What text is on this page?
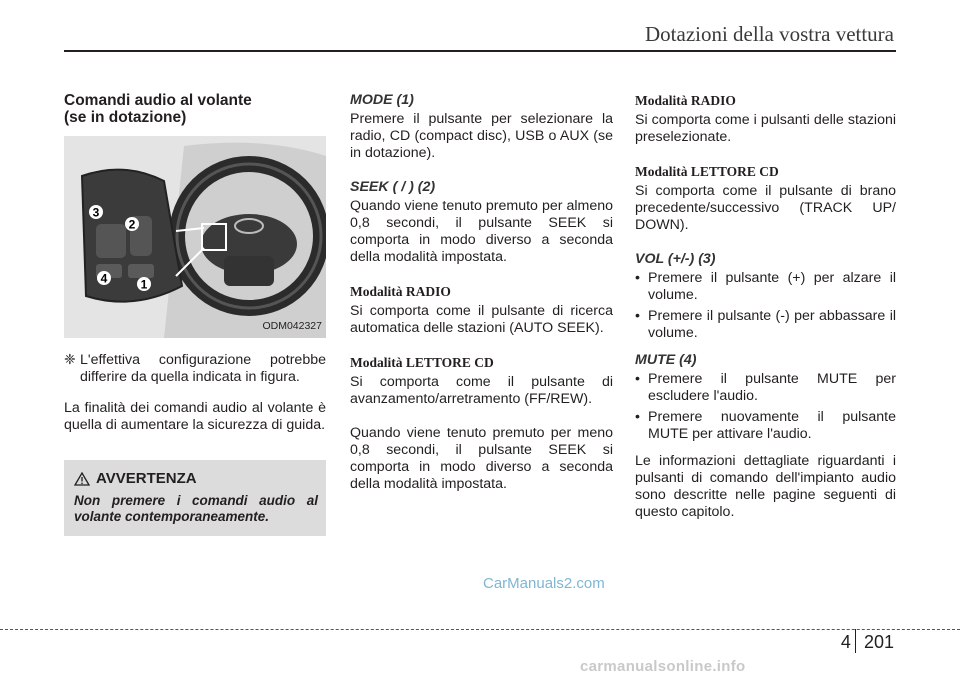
Dotazioni della vostra vettura
Comandi audio al volante
(se in dotazione)
3
2
4	1
ODM042327
❈ L'effettiva configurazione potrebbe differire da quella indicata in figura.

La finalità dei comandi audio al volante è quella di aumentare la sicurezza di guida.

AVVERTENZA
Non premere i comandi audio al volante contemporaneamente.

MODE (1)

Premere il pulsante per selezionare la radio, CD (compact disc), USB o AUX (se in dotazione).

SEEK ( / ) (2)

Quando viene tenuto premuto per almeno 0,8 secondi, il pulsante SEEK si comporta in modo diverso a seconda della modalità impostata.

Modalità RADIO

Si comporta come il pulsante di ricerca automatica delle stazioni (AUTO SEEK).

Modalità LETTORE CD

Si comporta come il pulsante di avanzamento/arretramento (FF/REW).

Quando viene tenuto premuto per meno 0,8 secondi, il pulsante SEEK si comporta in modo diverso a seconda della modalità impostata.

Modalità RADIO

Si comporta come i pulsanti delle stazioni preselezionate.

Modalità LETTORE CD

Si comporta come il pulsante di brano precedente/successivo (TRACK UP/ DOWN).

VOL (+/-) (3)

• Premere il pulsante (+) per alzare il volume.
• Premere il pulsante (-) per abbassare il volume.

MUTE (4)

• Premere il pulsante MUTE per escludere l'audio.
• Premere nuovamente il pulsante MUTE per attivare l'audio.

Le informazioni dettagliate riguardanti i pulsanti di comando dell'impianto audio sono descritte nelle pagine seguenti di questo capitolo.

CarManuals2.com
4 201
carmanualsonline.info
